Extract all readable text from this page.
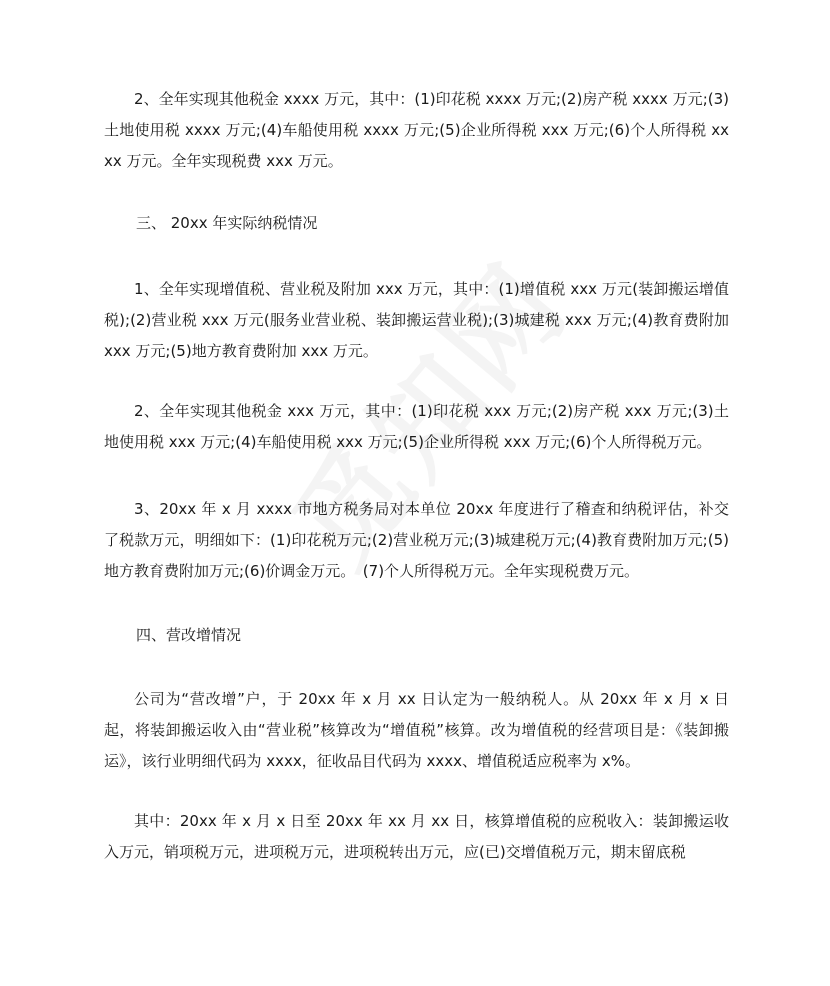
2、全年实现其他税金 xxxx 万元，其中：(1)印花税 xxxx 万元;(2)房产税 xxxx 万元;(3)土地使用税 xxxx 万元;(4)车船使用税 xxxx 万元;(5)企业所得税 xxx 万元;(6)个人所得税 xxxx 万元。全年实现税费 xxx 万元。

三、 20xx 年实际纳税情况

1、全年实现增值税、营业税及附加 xxx 万元，其中：(1)增值税 xxx 万元(装卸搬运增值税);(2)营业税 xxx 万元(服务业营业税、装卸搬运营业税);(3)城建税 xxx 万元;(4)教育费附加 xxx 万元;(5)地方教育费附加 xxx 万元。

2、全年实现其他税金 xxx 万元，其中：(1)印花税 xxx 万元;(2)房产税 xxx 万元;(3)土地使用税 xxx 万元;(4)车船使用税 xxx 万元;(5)企业所得税 xxx 万元;(6)个人所得税万元。

3、20xx 年 x 月 xxxx 市地方税务局对本单位 20xx 年度进行了稽查和纳税评估，补交了税款万元，明细如下：(1)印花税万元;(2)营业税万元;(3)城建税万元;(4)教育费附加万元;(5)地方教育费附加万元;(6)价调金万元。　(7)个人所得税万元。全年实现税费万元。

四、营改增情况

公司为“营改增”户，于 20xx 年 x 月 xx 日认定为一般纳税人。从 20xx 年 x 月 x 日起，将装卸搬运收入由“营业税”核算改为“增值税”核算。改为增值税的经营项目是：《装卸搬运》，该行业明细代码为 xxxx，征收品目代码为 xxxx、增值税适应税率为 x%。

其中：20xx 年 x 月 x 日至 20xx 年 xx 月 xx 日，核算增值税的应税收入：装卸搬运收入万元，销项税万元，进项税万元，进项税转出万元，应(已)交增值税万元，期末留底税
